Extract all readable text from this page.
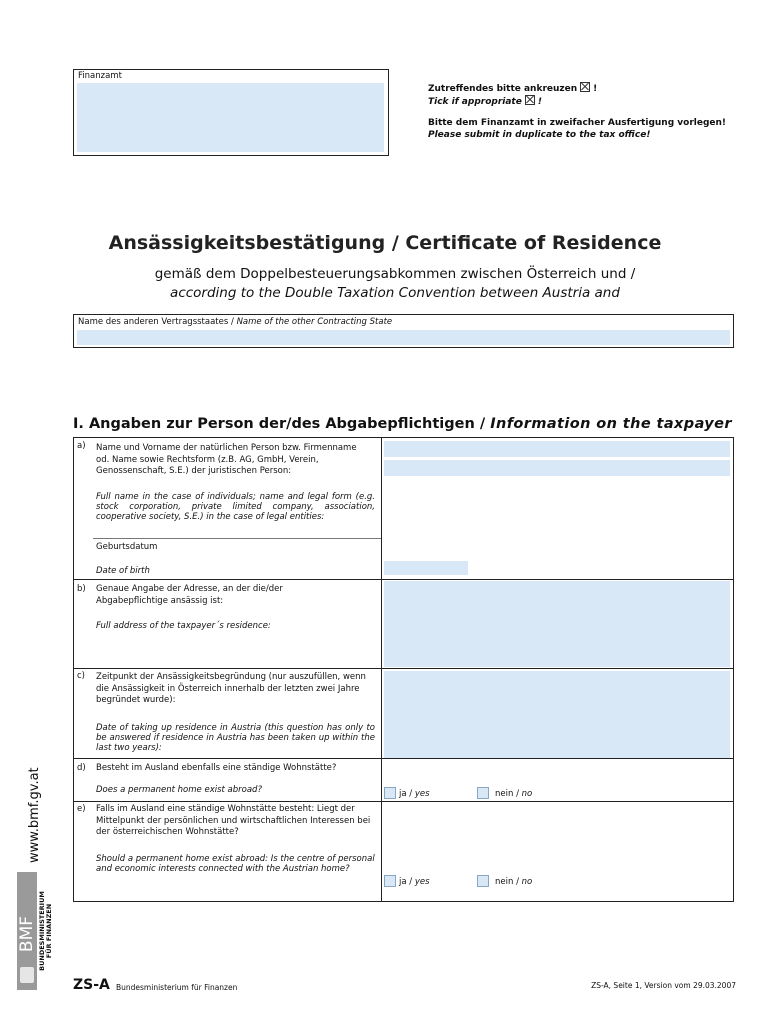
Finanzamt
Zutreffendes bitte ankreuzen !
Tick if appropriate !
Bitte dem Finanzamt in zweifacher Ausfertigung vorlegen!
Please submit in duplicate to the tax office!
Ansässigkeitsbestätigung / Certificate of Residence
gemäß dem Doppelbesteuerungsabkommen zwischen Österreich und /
according to the Double Taxation Convention between Austria and
Name des anderen Vertragsstaates / Name of the other Contracting State
I. Angaben zur Person der/des Abgabepflichtigen / Information on the taxpayer
a) Name und Vorname der natürlichen Person bzw. Firmenname od. Name sowie Rechtsform (z.B. AG, GmbH, Verein, Genossenschaft, S.E.) der juristischen Person:
Full name in the case of individuals; name and legal form (e.g. stock corporation, private limited company, association, cooperative society, S.E.) in the case of legal entities:
Geburtsdatum
Date of birth
b) Genaue Angabe der Adresse, an der die/der Abgabepflichtige ansässig ist:
Full address of the taxpayer´s residence:
c) Zeitpunkt der Ansässigkeitsbegründung (nur auszufüllen, wenn die Ansässigkeit in Österreich innerhalb der letzten zwei Jahre begründet wurde):
Date of taking up residence in Austria (this question has only to be answered if residence in Austria has been taken up within the last two years):
d) Besteht im Ausland ebenfalls eine ständige Wohnstätte?
Does a permanent home exist abroad?	ja / yes	nein / no
e) Falls im Ausland eine ständige Wohnstätte besteht: Liegt der Mittelpunkt der persönlichen und wirtschaftlichen Interessen bei der österreichischen Wohnstätte?
Should a permanent home exist abroad: Is the centre of personal and economic interests connected with the Austrian home?
ja / yes	nein / no
www.bmf.gv.at
BMF BUNDESMINISTERIUM FÜR FINANZEN
ZS-A Bundesministerium für Finanzen	ZS-A, Seite 1, Version vom 29.03.2007
